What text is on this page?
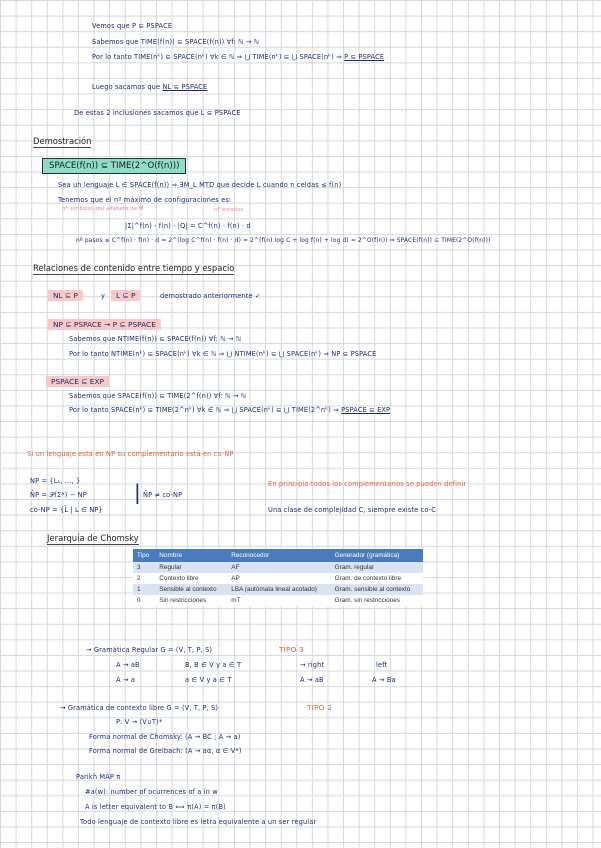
Vemos que P ⊆ PSPACE
Sabemos que TIME(f(n)) ⊆ SPACE(f(n)) ∀f: ℕ → ℕ
Por lo tanto TIME(nᵏ) ⊆ SPACE(nᵏ) ∀k ∈ ℕ ⇒ ⋃ TIME(nᵏ) ⊆ ⋃ SPACE(nᵏ) ⇒ P ⊆ PSPACE
Luego sacamos que NL ⊆ PSPACE
De estas 2 inclusiones sacamos que L ⊆ PSPACE
Demostración
SPACE(f(n)) ⊆ TIME(2^O(f(n)))
Sea un lenguaje L ∈ SPACE(f(n)) ⇒ ∃M_L MTD que decide L cuando n celdas ≤ f(n)
Tenemos que el nº máximo de configuraciones es:
nº símbolos del alfabeto de M	nº estados
|Σ|^f(n) · f(n) · |Q| = C^f(n) · f(n) · d
nº pasos ≤ C^f(n) · f(n) · d = 2^(log C^f(n) · f(n) · d) = 2^(f(n) log C + log f(n) + log d) = 2^O(f(n)) ⇒ SPACE(f(n)) ⊆ TIME(2^O(f(n)))
Relaciones de contenido entre tiempo y espacio
NL ⊆ P	y	L ⊆ P	demostrado anteriormente ✓
NP ⊆ PSPACE → P ⊆ PSPACE
Sabemos que NTIME(f(n)) ⊆ SPACE(f(n)) ∀f: ℕ → ℕ
Por lo tanto NTIME(nᵏ) ⊆ SPACE(nᵏ) ∀k ∈ ℕ ⇒ ⋃ NTIME(nᵏ) ⊆ ⋃ SPACE(nᵏ) ⇒ NP ⊆ PSPACE
PSPACE ⊆ EXP
Sabemos que SPACE(f(n)) ⊆ TIME(2^f(n)) ∀f: ℕ → ℕ
Por lo tanto SPACE(nᵏ) ⊆ TIME(2^nᵏ) ∀k ∈ ℕ ⇒ ⋃ SPACE(nᵏ) ⊆ ⋃ TIME(2^nᵏ) ⇒ PSPACE ⊆ EXP
Si un lenguaje está en NP su complementario está en co-NP
NP = {L₁, ..., }	En principio todos los complementarios se pueden definir
N̄P = 𝒫(Σ*) − NP | N̄P ≠ co-NP
co-NP = {L̄ | L ∈ NP}	Una clase de complejidad C, siempre existe co-C
Jerarquía de Chomsky
Tipo	Nombre	Reconocedor	Generador (gramática)
3	Regular	AF	Gram. regular
2	Contexto libre	AP	Gram. de contexto libre
1	Sensible al contexto	LBA (autómata lineal acotado)	Gram. sensible al contexto
0	Sin restricciones	mT	Gram. sin restricciones
→ Gramática Regular G = (V, T, P, S)	TIPO 3
A → aB	B, B ∈ V y a ∈ T	→ right	left
A → a	a ∈ V y a ∈ T	A → aB	A → Ba
→ Gramática de contexto libre G = (V, T, P, S)	TIPO 2
P: V → (V∪T)*
Forma normal de Chomsky: (A → BC ; A → a)
Forma normal de Greibach: (A → aα, α ∈ V*)
Parikh MAP π
#a(w): number of ocurrences of a in w
A is letter equivalent to B ⟺ π(A) = π(B)
Todo lenguaje de contexto libre es letra equivalente a un ser regular
